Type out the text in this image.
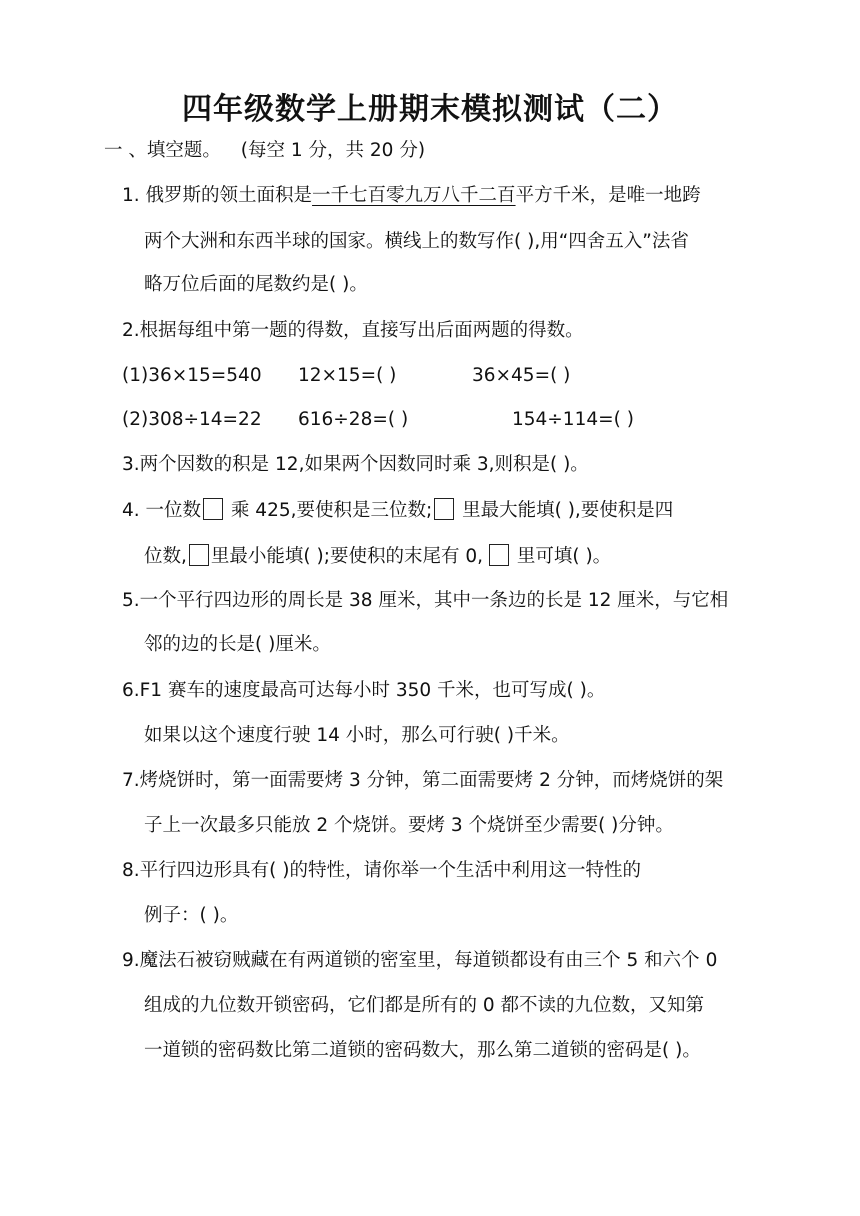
四年级数学上册期末模拟测试（二）
一 、填空题。 (每空 1 分，共 20 分)
1. 俄罗斯的领土面积是一千七百零九万八千二百平方千米，是唯一地跨
两个大洲和东西半球的国家。横线上的数写作( ),用“四舍五入”法省
略万位后面的尾数约是( )。
2.根据每组中第一题的得数，直接写出后面两题的得数。
(1)36×15=540 12×15=( )	36×45=( )
(2)308÷14=22 616÷28=( )	154÷114=( )
3.两个因数的积是 12,如果两个因数同时乘 3,则积是( )。
4. 一位数 乘 425,要使积是三位数; 里最大能填( ),要使积是四
位数, 里最小能填( );要使积的末尾有 0, 里可填( )。
5.一个平行四边形的周长是 38 厘米，其中一条边的长是 12 厘米，与它相
邻的边的长是( )厘米。
6.F1 赛车的速度最高可达每小时 350 千米，也可写成( )。
如果以这个速度行驶 14 小时，那么可行驶( )千米。
7.烤烧饼时，第一面需要烤 3 分钟，第二面需要烤 2 分钟，而烤烧饼的架
子上一次最多只能放 2 个烧饼。要烤 3 个烧饼至少需要( )分钟。
8.平行四边形具有( )的特性，请你举一个生活中利用这一特性的
例子：( )。
9.魔法石被窃贼藏在有两道锁的密室里，每道锁都设有由三个 5 和六个 0
组成的九位数开锁密码，它们都是所有的 0 都不读的九位数，又知第
一道锁的密码数比第二道锁的密码数大，那么第二道锁的密码是( )。
